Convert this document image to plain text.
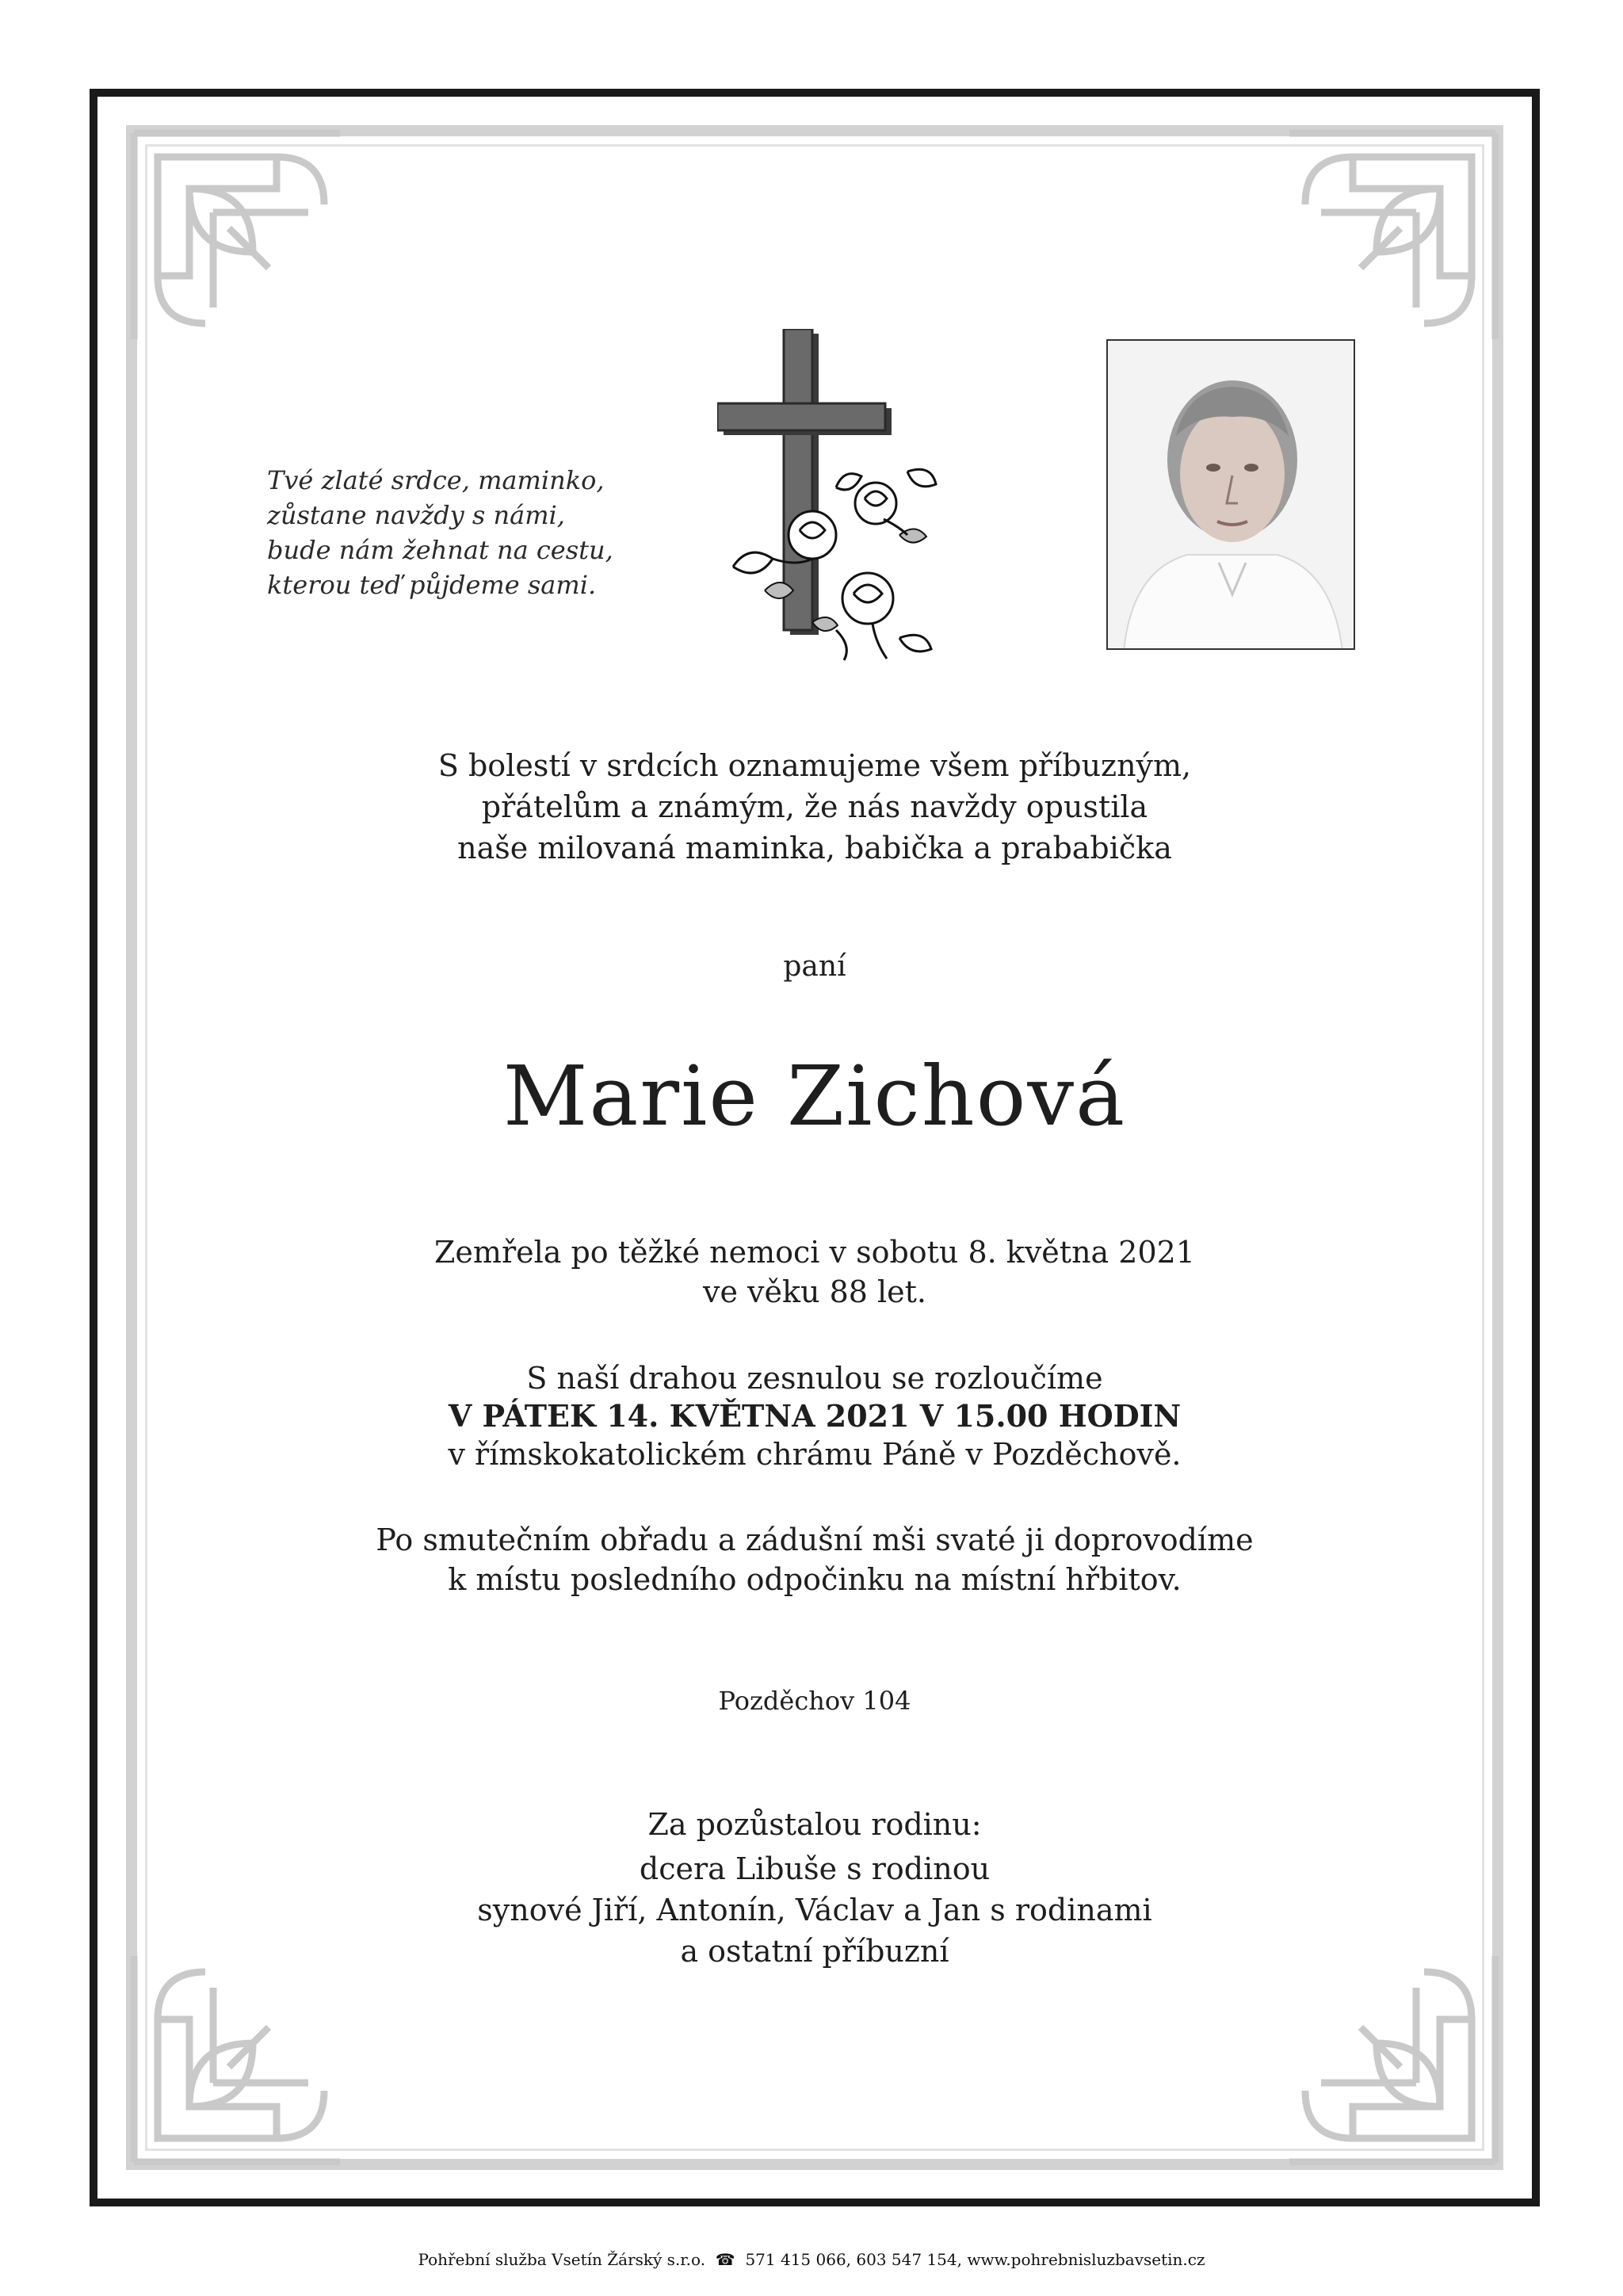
Tvé zlaté srdce, maminko,
zůstane navždy s námi,
bude nám žehnat na cestu,
kterou teď půjdeme sami.
S bolestí v srdcích oznamujeme všem příbuzným,
přátelům a známým, že nás navždy opustila
naše milovaná maminka, babička a prababička
paní
Marie Zichová
Zemřela po těžké nemoci v sobotu 8. května 2021
ve věku 88 let.
S naší drahou zesnulou se rozloučíme
V PÁTEK 14. KVĚTNA 2021 V 15.00 HODIN
v římskokatolickém chrámu Páně v Pozděchově.
Po smutečním obřadu a zádušní mši svaté ji doprovodíme
k místu posledního odpočinku na místní hřbitov.
Pozděchov 104
Za pozůstalou rodinu:
dcera Libuše s rodinou
synové Jiří, Antonín, Václav a Jan s rodinami
a ostatní příbuzní
Pohřební služba Vsetín Žárský s.r.o.  ☎  571 415 066, 603 547 154, www.pohrebnisluzbavsetin.cz
